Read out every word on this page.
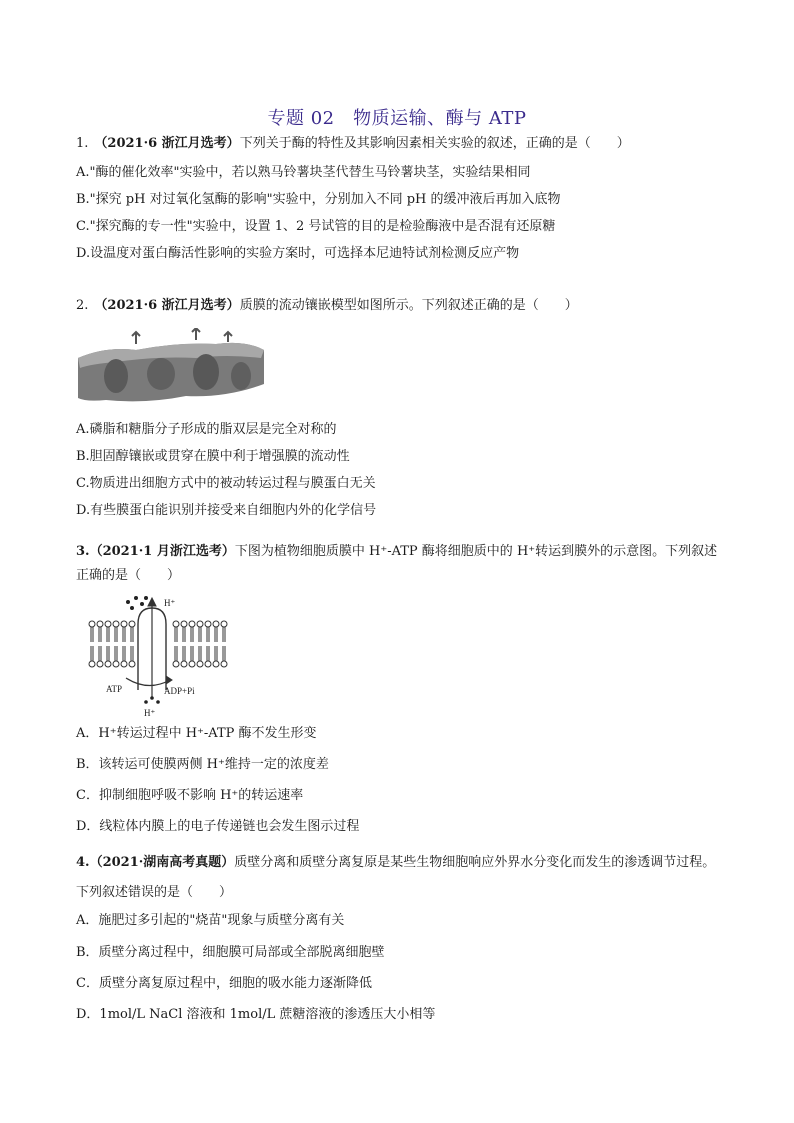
专题 02　物质运输、酶与 ATP

1. （2021·6 浙江月选考）下列关于酶的特性及其影响因素相关实验的叙述，正确的是（　　）

A."酶的催化效率"实验中，若以熟马铃薯块茎代替生马铃薯块茎，实验结果相同
B."探究 pH 对过氧化氢酶的影响"实验中，分别加入不同 pH 的缓冲液后再加入底物
C."探究酶的专一性"实验中，设置 1、2 号试管的目的是检验酶液中是否混有还原糖
D.设温度对蛋白酶活性影响的实验方案时，可选择本尼迪特试剂检测反应产物

2. （2021·6 浙江月选考）质膜的流动镶嵌模型如图所示。下列叙述正确的是（　　）

A.磷脂和糖脂分子形成的脂双层是完全对称的
B.胆固醇镶嵌或贯穿在膜中利于增强膜的流动性
C.物质进出细胞方式中的被动转运过程与膜蛋白无关
D.有些膜蛋白能识别并接受来自细胞内外的化学信号

3.（2021·1 月浙江选考）下图为植物细胞质膜中 H⁺-ATP 酶将细胞质中的 H⁺转运到膜外的示意图。下列叙述正确的是（　　）

H⁺
ATP	ADP+Pi
H⁺
A．H⁺转运过程中 H⁺-ATP 酶不发生形变
B．该转运可使膜两侧 H⁺维持一定的浓度差
C．抑制细胞呼吸不影响 H⁺的转运速率
D．线粒体内膜上的电子传递链也会发生图示过程

4.（2021·湖南高考真题）质壁分离和质壁分离复原是某些生物细胞响应外界水分变化而发生的渗透调节过程。下列叙述错误的是（　　）

A．施肥过多引起的"烧苗"现象与质壁分离有关
B．质壁分离过程中，细胞膜可局部或全部脱离细胞壁
C．质壁分离复原过程中，细胞的吸水能力逐渐降低
D．1mol/L NaCl 溶液和 1mol/L 蔗糖溶液的渗透压大小相等
